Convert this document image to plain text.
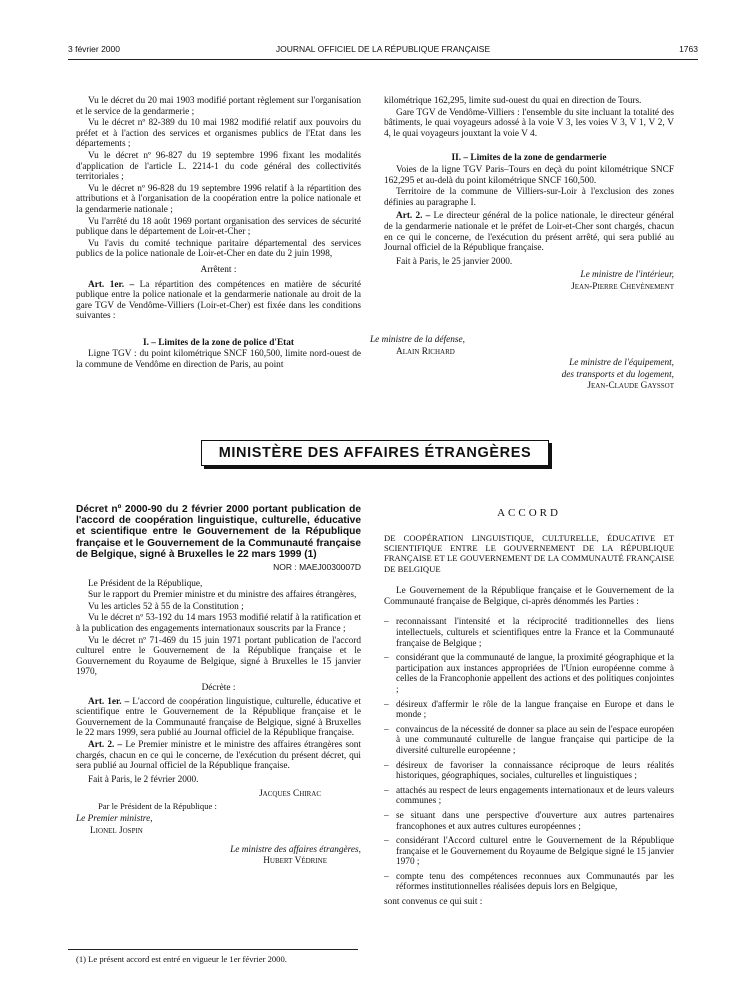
3 février 2000	JOURNAL OFFICIEL DE LA RÉPUBLIQUE FRANÇAISE	1763

Vu le décret du 20 mai 1903 modifié portant règlement sur l'organisation et le service de la gendarmerie ;

Vu le décret nº 82-389 du 10 mai 1982 modifié relatif aux pouvoirs du préfet et à l'action des services et organismes publics de l'Etat dans les départements ;

Vu le décret nº 96-827 du 19 septembre 1996 fixant les modalités d'application de l'article L. 2214-1 du code général des collectivités territoriales ;

Vu le décret nº 96-828 du 19 septembre 1996 relatif à la répartition des attributions et à l'organisation de la coopération entre la police nationale et la gendarmerie nationale ;

Vu l'arrêté du 18 août 1969 portant organisation des services de sécurité publique dans le département de Loir-et-Cher ;

Vu l'avis du comité technique paritaire départemental des services publics de la police nationale de Loir-et-Cher en date du 2 juin 1998,

Arrêtent :

Art. 1er. – La répartition des compétences en matière de sécurité publique entre la police nationale et la gendarmerie nationale au droit de la gare TGV de Vendôme-Villiers (Loir-et-Cher) est fixée dans les conditions suivantes :

I. – Limites de la zone de police d'Etat

Ligne TGV : du point kilométrique SNCF 160,500, limite nord-ouest de la commune de Vendôme en direction de Paris, au point

kilométrique 162,295, limite sud-ouest du quai en direction de Tours.

Gare TGV de Vendôme-Villiers : l'ensemble du site incluant la totalité des bâtiments, le quai voyageurs adossé à la voie V 3, les voies V 3, V 1, V 2, V 4, le quai voyageurs jouxtant la voie V 4.

II. – Limites de la zone de gendarmerie

Voies de la ligne TGV Paris–Tours en deçà du point kilométrique SNCF 162,295 et au-delà du point kilométrique SNCF 160,500.

Territoire de la commune de Villiers-sur-Loir à l'exclusion des zones définies au paragraphe I.

Art. 2. – Le directeur général de la police nationale, le directeur général de la gendarmerie nationale et le préfet de Loir-et-Cher sont chargés, chacun en ce qui le concerne, de l'exécution du présent arrêté, qui sera publié au Journal officiel de la République française.

Fait à Paris, le 25 janvier 2000.

Le ministre de l'intérieur,

Jean-Pierre Chevènement

Le ministre de la défense,

Alain Richard

Le ministre de l'équipement,

des transports et du logement,

Jean-Claude Gayssot

MINISTÈRE DES AFFAIRES ÉTRANGÈRES
Décret nº 2000-90 du 2 février 2000 portant publication de l'accord de coopération linguistique, culturelle, éducative et scientifique entre le Gouvernement de la République française et le Gouvernement de la Communauté française de Belgique, signé à Bruxelles le 22 mars 1999 (1)
NOR : MAEJ0030007D

Le Président de la République,

Sur le rapport du Premier ministre et du ministre des affaires étrangères,

Vu les articles 52 à 55 de la Constitution ;

Vu le décret nº 53-192 du 14 mars 1953 modifié relatif à la ratification et à la publication des engagements internationaux souscrits par la France ;

Vu le décret nº 71-469 du 15 juin 1971 portant publication de l'accord culturel entre le Gouvernement de la République française et le Gouvernement du Royaume de Belgique, signé à Bruxelles le 15 janvier 1970,

Décrète :

Art. 1er. – L'accord de coopération linguistique, culturelle, éducative et scientifique entre le Gouvernement de la République française et le Gouvernement de la Communauté française de Belgique, signé à Bruxelles le 22 mars 1999, sera publié au Journal officiel de la République française.

Art. 2. – Le Premier ministre et le ministre des affaires étrangères sont chargés, chacun en ce qui le concerne, de l'exécution du présent décret, qui sera publié au Journal officiel de la République française.

Fait à Paris, le 2 février 2000.

Jacques Chirac

Par le Président de la République :

Le Premier ministre,

Lionel Jospin

Le ministre des affaires étrangères,

Hubert Védrine

(1) Le présent accord est entré en vigueur le 1er février 2000.
ACCORD
DE COOPÉRATION LINGUISTIQUE, CULTURELLE, ÉDUCATIVE ET SCIENTIFIQUE ENTRE LE GOUVERNEMENT DE LA RÉPUBLIQUE FRANÇAISE ET LE GOUVERNEMENT DE LA COMMUNAUTÉ FRANÇAISE DE BELGIQUE

Le Gouvernement de la République française et le Gouvernement de la Communauté française de Belgique, ci-après dénommés les Parties :

– reconnaissant l'intensité et la réciprocité traditionnelles des liens intellectuels, culturels et scientifiques entre la France et la Communauté française de Belgique ;
– considérant que la communauté de langue, la proximité géographique et la participation aux instances appropriées de l'Union européenne comme à celles de la Francophonie appellent des actions et des politiques conjointes ;
– désireux d'affermir le rôle de la langue française en Europe et dans le monde ;
– convaincus de la nécessité de donner sa place au sein de l'espace européen à une communauté culturelle de langue française qui participe de la diversité culturelle européenne ;
– désireux de favoriser la connaissance réciproque de leurs réalités historiques, géographiques, sociales, culturelles et linguistiques ;
– attachés au respect de leurs engagements internationaux et de leurs valeurs communes ;
– se situant dans une perspective d'ouverture aux autres partenaires francophones et aux autres cultures européennes ;
– considérant l'Accord culturel entre le Gouvernement de la République française et le Gouvernement du Royaume de Belgique signé le 15 janvier 1970 ;
– compte tenu des compétences reconnues aux Communautés par les réformes institutionnelles réalisées depuis lors en Belgique,

sont convenus ce qui suit :
